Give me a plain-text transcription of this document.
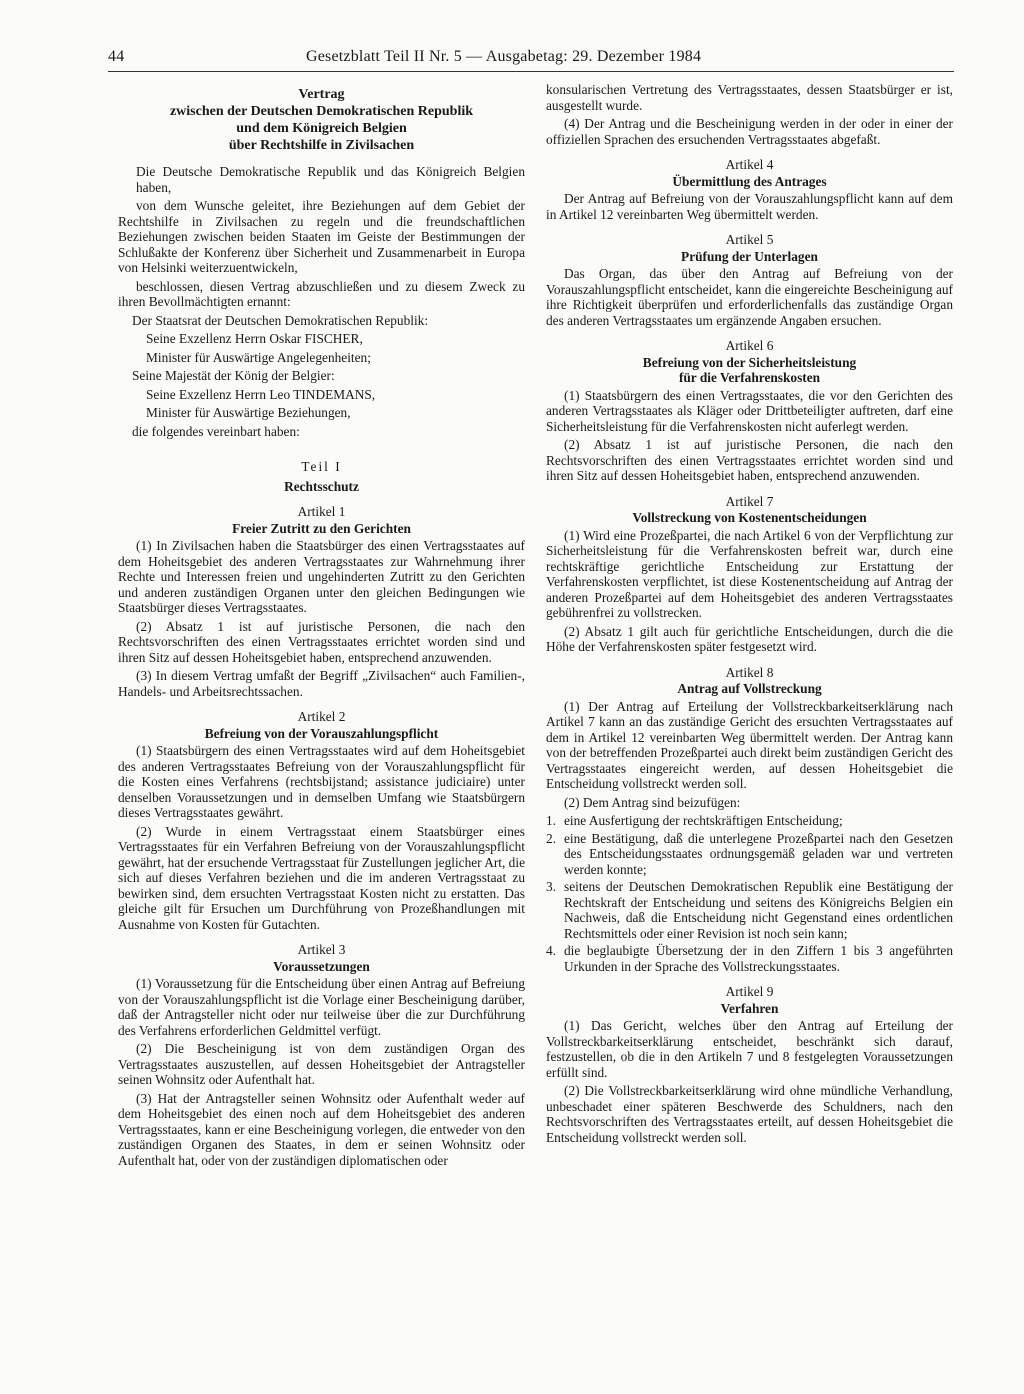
44	Gesetzblatt Teil II Nr. 5 — Ausgabetag: 29. Dezember 1984
Vertrag
zwischen der Deutschen Demokratischen Republik
und dem Königreich Belgien
über Rechtshilfe in Zivilsachen

Die Deutsche Demokratische Republik und das Königreich Belgien haben,

von dem Wunsche geleitet, ihre Beziehungen auf dem Gebiet der Rechtshilfe in Zivilsachen zu regeln und die freundschaftlichen Beziehungen zwischen beiden Staaten im Geiste der Bestimmungen der Schlußakte der Konferenz über Sicherheit und Zusammenarbeit in Europa von Helsinki weiterzuentwickeln,

beschlossen, diesen Vertrag abzuschließen und zu diesem Zweck zu ihren Bevollmächtigten ernannt:

Der Staatsrat der Deutschen Demokratischen Republik:

Seine Exzellenz Herrn Oskar FISCHER,

Minister für Auswärtige Angelegenheiten;

Seine Majestät der König der Belgier:

Seine Exzellenz Herrn Leo TINDEMANS,

Minister für Auswärtige Beziehungen,

die folgendes vereinbart haben:

Teil I
Rechtsschutz
Artikel 1
Freier Zutritt zu den Gerichten

(1) In Zivilsachen haben die Staatsbürger des einen Vertragsstaates auf dem Hoheitsgebiet des anderen Vertragsstaates zur Wahrnehmung ihrer Rechte und Interessen freien und ungehinderten Zutritt zu den Gerichten und anderen zuständigen Organen unter den gleichen Bedingungen wie Staatsbürger dieses Vertragsstaates.

(2) Absatz 1 ist auf juristische Personen, die nach den Rechtsvorschriften des einen Vertragsstaates errichtet worden sind und ihren Sitz auf dessen Hoheitsgebiet haben, entsprechend anzuwenden.

(3) In diesem Vertrag umfaßt der Begriff „Zivilsachen“ auch Familien-, Handels- und Arbeitsrechtssachen.

Artikel 2
Befreiung von der Vorauszahlungspflicht

(1) Staatsbürgern des einen Vertragsstaates wird auf dem Hoheitsgebiet des anderen Vertragsstaates Befreiung von der Vorauszahlungspflicht für die Kosten eines Verfahrens (rechtsbijstand; assistance judiciaire) unter denselben Voraussetzungen und in demselben Umfang wie Staatsbürgern dieses Vertragsstaates gewährt.

(2) Wurde in einem Vertragsstaat einem Staatsbürger eines Vertragsstaates für ein Verfahren Befreiung von der Vorauszahlungspflicht gewährt, hat der ersuchende Vertragsstaat für Zustellungen jeglicher Art, die sich auf dieses Verfahren beziehen und die im anderen Vertragsstaat zu bewirken sind, dem ersuchten Vertragsstaat Kosten nicht zu erstatten. Das gleiche gilt für Ersuchen um Durchführung von Prozeßhandlungen mit Ausnahme von Kosten für Gutachten.

Artikel 3
Voraussetzungen

(1) Voraussetzung für die Entscheidung über einen Antrag auf Befreiung von der Vorauszahlungspflicht ist die Vorlage einer Bescheinigung darüber, daß der Antragsteller nicht oder nur teilweise über die zur Durchführung des Verfahrens erforderlichen Geldmittel verfügt.

(2) Die Bescheinigung ist von dem zuständigen Organ des Vertragsstaates auszustellen, auf dessen Hoheitsgebiet der Antragsteller seinen Wohnsitz oder Aufenthalt hat.

(3) Hat der Antragsteller seinen Wohnsitz oder Aufenthalt weder auf dem Hoheitsgebiet des einen noch auf dem Hoheitsgebiet des anderen Vertragsstaates, kann er eine Bescheinigung vorlegen, die entweder von den zuständigen Organen des Staates, in dem er seinen Wohnsitz oder Aufenthalt hat, oder von der zuständigen diplomatischen oder

konsularischen Vertretung des Vertragsstaates, dessen Staatsbürger er ist, ausgestellt wurde.

(4) Der Antrag und die Bescheinigung werden in der oder in einer der offiziellen Sprachen des ersuchenden Vertragsstaates abgefaßt.

Artikel 4
Übermittlung des Antrages

Der Antrag auf Befreiung von der Vorauszahlungspflicht kann auf dem in Artikel 12 vereinbarten Weg übermittelt werden.

Artikel 5
Prüfung der Unterlagen

Das Organ, das über den Antrag auf Befreiung von der Vorauszahlungspflicht entscheidet, kann die eingereichte Bescheinigung auf ihre Richtigkeit überprüfen und erforderlichenfalls das zuständige Organ des anderen Vertragsstaates um ergänzende Angaben ersuchen.

Artikel 6
Befreiung von der Sicherheitsleistung
für die Verfahrenskosten

(1) Staatsbürgern des einen Vertragsstaates, die vor den Gerichten des anderen Vertragsstaates als Kläger oder Drittbeteiligter auftreten, darf eine Sicherheitsleistung für die Verfahrenskosten nicht auferlegt werden.

(2) Absatz 1 ist auf juristische Personen, die nach den Rechtsvorschriften des einen Vertragsstaates errichtet worden sind und ihren Sitz auf dessen Hoheitsgebiet haben, entsprechend anzuwenden.

Artikel 7
Vollstreckung von Kostenentscheidungen

(1) Wird eine Prozeßpartei, die nach Artikel 6 von der Verpflichtung zur Sicherheitsleistung für die Verfahrenskosten befreit war, durch eine rechtskräftige gerichtliche Entscheidung zur Erstattung der Verfahrenskosten verpflichtet, ist diese Kostenentscheidung auf Antrag der anderen Prozeßpartei auf dem Hoheitsgebiet des anderen Vertragsstaates gebührenfrei zu vollstrecken.

(2) Absatz 1 gilt auch für gerichtliche Entscheidungen, durch die die Höhe der Verfahrenskosten später festgesetzt wird.

Artikel 8
Antrag auf Vollstreckung

(1) Der Antrag auf Erteilung der Vollstreckbarkeitserklärung nach Artikel 7 kann an das zuständige Gericht des ersuchten Vertragsstaates auf dem in Artikel 12 vereinbarten Weg übermittelt werden. Der Antrag kann von der betreffenden Prozeßpartei auch direkt beim zuständigen Gericht des Vertragsstaates eingereicht werden, auf dessen Hoheitsgebiet die Entscheidung vollstreckt werden soll.

(2) Dem Antrag sind beizufügen:

1. eine Ausfertigung der rechtskräftigen Entscheidung;
2. eine Bestätigung, daß die unterlegene Prozeßpartei nach den Gesetzen des Entscheidungsstaates ordnungsgemäß geladen war und vertreten werden konnte;
3. seitens der Deutschen Demokratischen Republik eine Bestätigung der Rechtskraft der Entscheidung und seitens des Königreichs Belgien ein Nachweis, daß die Entscheidung nicht Gegenstand eines ordentlichen Rechtsmittels oder einer Revision ist noch sein kann;
4. die beglaubigte Übersetzung der in den Ziffern 1 bis 3 angeführten Urkunden in der Sprache des Vollstreckungsstaates.
Artikel 9
Verfahren

(1) Das Gericht, welches über den Antrag auf Erteilung der Vollstreckbarkeitserklärung entscheidet, beschränkt sich darauf, festzustellen, ob die in den Artikeln 7 und 8 festgelegten Voraussetzungen erfüllt sind.

(2) Die Vollstreckbarkeitserklärung wird ohne mündliche Verhandlung, unbeschadet einer späteren Beschwerde des Schuldners, nach den Rechtsvorschriften des Vertragsstaates erteilt, auf dessen Hoheitsgebiet die Entscheidung vollstreckt werden soll.
